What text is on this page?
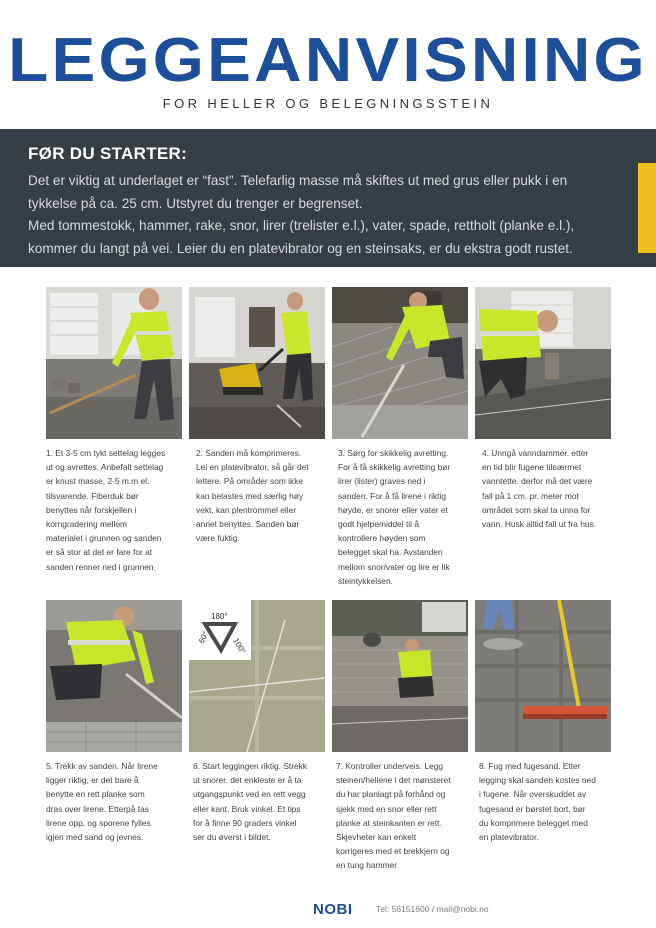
LEGGEANVISNING
FOR HELLER OG BELEGNINGSSTEIN
FØR DU STARTER:

Det er viktig at underlaget er “fast”. Telefarlig masse må skiftes ut med grus eller pukk i en

tykkelse på ca. 25 cm. Utstyret du trenger er begrenset.

Med tommestokk, hammer, rake, snor, lirer (trelister e.l.), vater, spade, rettholt (planke e.l.),

kommer du langt på vei. Leier du en platevibrator og en steinsaks, er du ekstra godt rustet.

1. Et 3-5 cm tykt settelag legges
ut og avrettes. Anbefalt settelag
er knust masse, 2-5 m.m el.
tilsvarende. Fiberduk bør
benyttes når forskjellen i
korngradering mellom
materialet i grunnen og sanden
er så stor at det er fare for at
sanden renner ned i grunnen.
2. Sanden må komprimeres.
Lei en platevibrator, så går det
lettere. På områder som ikke
kan belastes med særlig høy
vekt, kan plentrommel eller
annet benyttes. Sanden bør
være fuktig.
3. Sørg for skikkelig avretting.
For å få skikkelig avretting bør
lirer (lister) graves ned i
sanden. For å få lirene i riktig
høyde, er snorer eller vater et
godt hjelpemiddel til å
kontrollere høyden som
belegget skal ha. Avstanden
mellom snor/vater og lire er lik
steintykkelsen.
4. Unngå vanndammer. etter
en tid blir fugene tilnærmet
vanntette. derfor må det være
fall på 1 cm. pr. meter mot
området som skal ta unna for
vann. Husk alltid fall ut fra hus.
180°
60°	100°
5. Trekk av sanden. Når lirene
ligger riktig, er det bare å
benytte en rett planke som
dras over lirene. Etterpå tas
lirene opp, og sporene fylles
igjen med sand og jevnes.
6. Start leggingen riktig. Strekk
ut snorer. det enkleste er å ta
utgangspunkt ved en rett vegg
eller kant. Bruk vinkel. Et tips
for å finne 90 graders vinkel
ser du øverst i bildet.
7. Kontroller underveis. Legg
steinen/hellene i det mønsteret
du har planlagt på forhånd og
sjekk med en snor eller rett
planke at steinkanten er rett.
Skjevheter kan enkelt
korrigeres med et brekkjern og
en tung hammer
8. Fug med fugesand. Etter
legging skal sanden kostes ned
i fugene. Når overskuddet av
fugesand er børstet bort, bør
du komprimere belegget med
en platevibrator.
NOBI	Tel: 56151600 / mail@nobi.no
